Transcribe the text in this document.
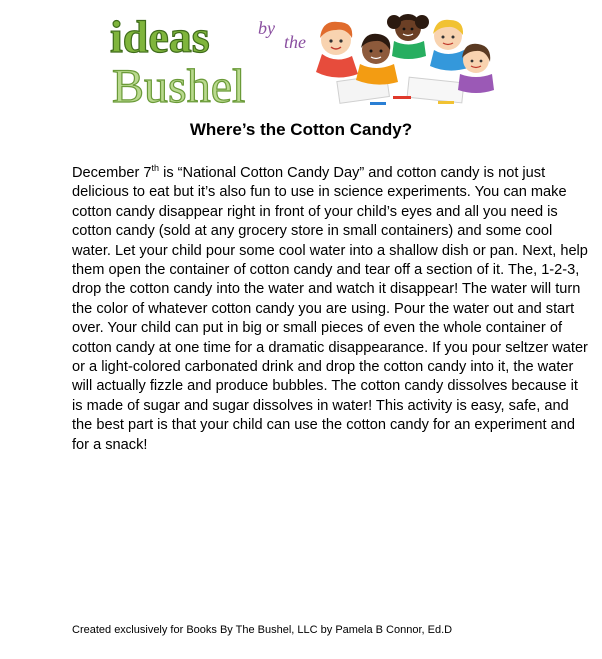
ideas	by
the
Bushel
Where’s the Cotton Candy?
December 7th is “National Cotton Candy Day” and cotton candy is not just delicious to eat but it’s also fun to use in science experiments. You can make cotton candy disappear right in front of your child’s eyes and all you need is cotton candy (sold at any grocery store in small containers) and some cool water. Let your child pour some cool water into a shallow dish or pan. Next, help them open the container of cotton candy and tear off a section of it. The, 1-2-3, drop the cotton candy into the water and watch it disappear! The water will turn the color of whatever cotton candy you are using. Pour the water out and start over. Your child can put in big or small pieces of even the whole container of cotton candy at one time for a dramatic disappearance. If you pour seltzer water or a light-colored carbonated drink and drop the cotton candy into it, the water will actually fizzle and produce bubbles. The cotton candy dissolves because it is made of sugar and sugar dissolves in water! This activity is easy, safe, and the best part is that your child can use the cotton candy for an experiment and for a snack!
Created exclusively for Books By The Bushel, LLC by Pamela B Connor, Ed.D
